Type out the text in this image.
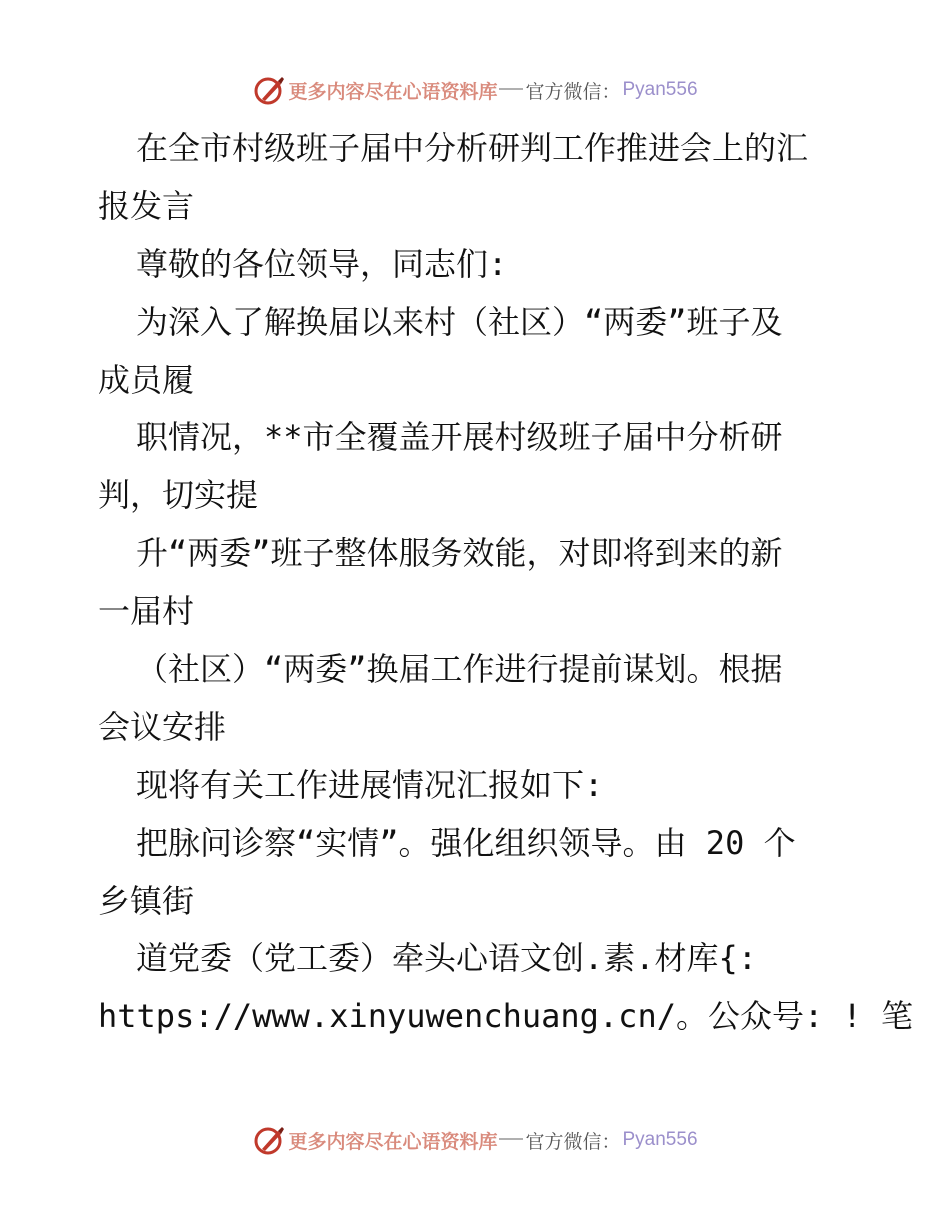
更多内容尽在心语资料库 官方微信： Pyan556
在全市村级班子届中分析研判工作推进会上的汇
报发言
尊敬的各位领导，同志们:
为深入了解换届以来村（社区）“两委”班子及
成员履
职情况，**市全覆盖开展村级班子届中分析研
判，切实提
升“两委”班子整体服务效能，对即将到来的新
一届村
（社区）“两委”换届工作进行提前谋划。根据
会议安排
现将有关工作进展情况汇报如下:
把脉问诊察“实情”。强化组织领导。由 20 个
乡镇街
道党委（党工委）牵头心语文创.素.材库{:
https://www.xinyuwenchuang.cn/。公众号: ! 笔
更多内容尽在心语资料库 官方微信： Pyan556
